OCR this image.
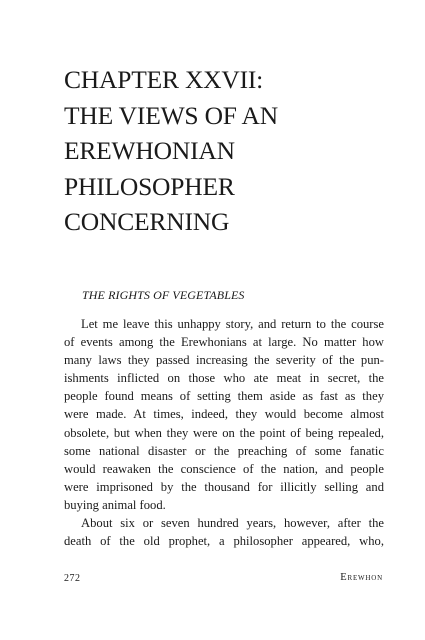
CHAPTER XXVII:
THE VIEWS OF AN
EREWHONIAN
PHILOSOPHER
CONCERNING
THE RIGHTS OF VEGETABLES
Let me leave this unhappy story, and return to the course
of events among the Erewhonians at large. No matter how
many laws they passed increasing the severity of the pun-
ishments inflicted on those who ate meat in secret, the
people found means of setting them aside as fast as they
were made. At times, indeed, they would become almost
obsolete, but when they were on the point of being repealed,
some national disaster or the preaching of some fanatic
would reawaken the conscience of the nation, and people
were imprisoned by the thousand for illicitly selling and
buying animal food.
About six or seven hundred years, however, after the
death of the old prophet, a philosopher appeared, who,
272	Erewhon
